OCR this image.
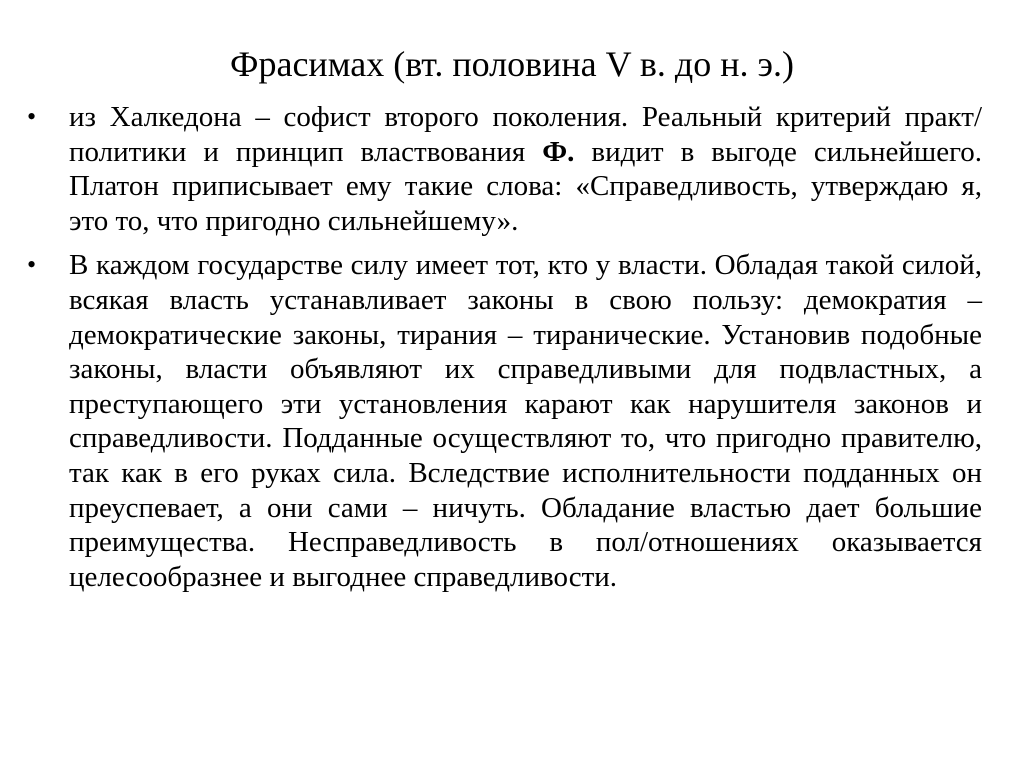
Фрасимах (вт. половина V в. до н. э.)
• из Халкедона – софист второго поколения. Реальный критерий практ/политики и принцип властвования Ф. видит в выгоде сильнейшего. Платон приписывает ему такие слова: «Справедливость, утверждаю я, это то, что пригодно сильнейшему».
• В каждом государстве силу имеет тот, кто у власти. Обладая такой силой, всякая власть устанавливает законы в свою пользу: демократия – демократические законы, тирания – тиранические. Установив подобные законы, власти объявляют их справедливыми для подвластных, а преступающего эти установления карают как нарушителя законов и справедливости. Подданные осуществляют то, что пригодно правителю, так как в его руках сила. Вследствие исполнительности подданных он преуспевает, а они сами – ничуть. Обладание властью дает большие преимущества. Несправедливость в пол/отношениях оказывается целесообразнее и выгоднее справедливости.
